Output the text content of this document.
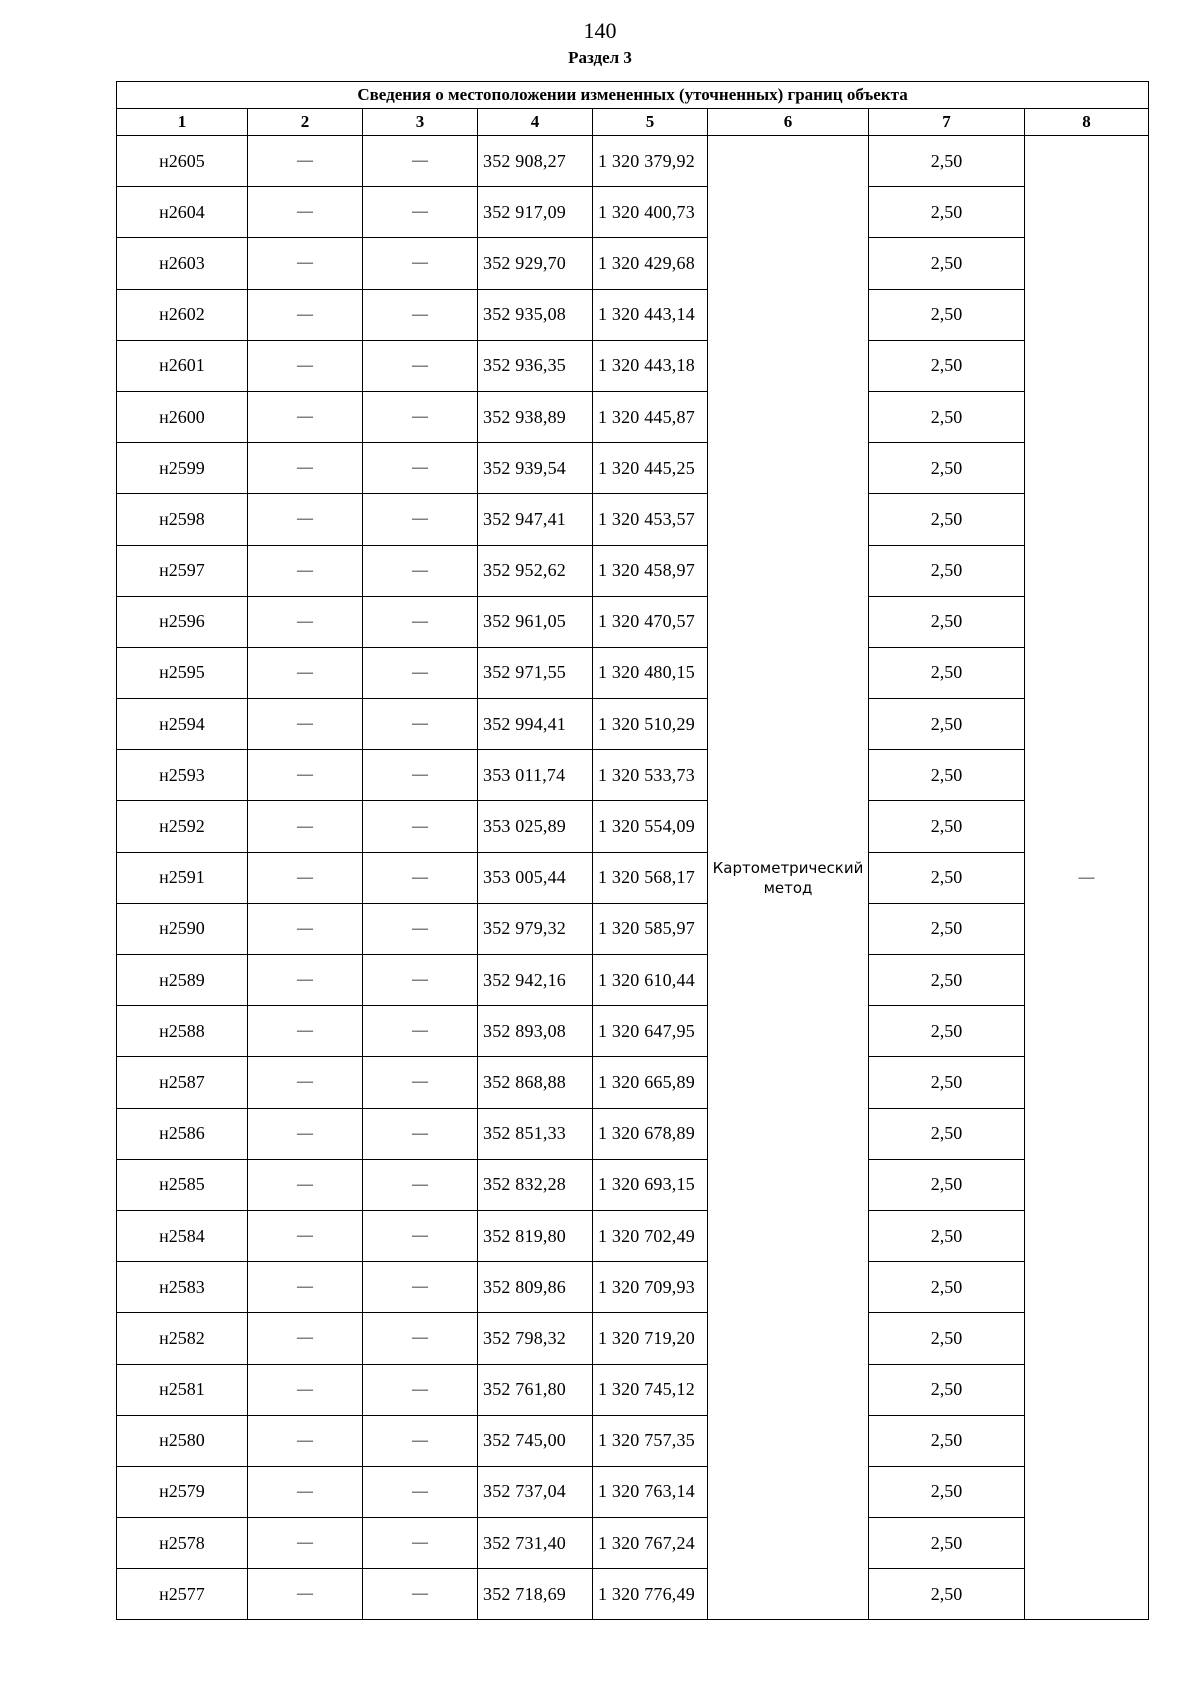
140
Раздел 3
Сведения о местоположении измененных (уточненных) границ объекта							
1	2	3	4	5	6	7	8
н2605	—	—	352 908,27	1 320 379,92	Картометрический метод	2,50	—
н2604	—	—	352 917,09	1 320 400,73		2,50	
н2603	—	—	352 929,70	1 320 429,68		2,50	
н2602	—	—	352 935,08	1 320 443,14		2,50	
н2601	—	—	352 936,35	1 320 443,18		2,50	
н2600	—	—	352 938,89	1 320 445,87		2,50	
н2599	—	—	352 939,54	1 320 445,25		2,50	
н2598	—	—	352 947,41	1 320 453,57		2,50	
н2597	—	—	352 952,62	1 320 458,97		2,50	
н2596	—	—	352 961,05	1 320 470,57		2,50	
н2595	—	—	352 971,55	1 320 480,15		2,50	
н2594	—	—	352 994,41	1 320 510,29		2,50	
н2593	—	—	353 011,74	1 320 533,73		2,50	
н2592	—	—	353 025,89	1 320 554,09		2,50	
н2591	—	—	353 005,44	1 320 568,17		2,50	
н2590	—	—	352 979,32	1 320 585,97		2,50	
н2589	—	—	352 942,16	1 320 610,44		2,50	
н2588	—	—	352 893,08	1 320 647,95		2,50	
н2587	—	—	352 868,88	1 320 665,89		2,50	
н2586	—	—	352 851,33	1 320 678,89		2,50	
н2585	—	—	352 832,28	1 320 693,15		2,50	
н2584	—	—	352 819,80	1 320 702,49		2,50	
н2583	—	—	352 809,86	1 320 709,93		2,50	
н2582	—	—	352 798,32	1 320 719,20		2,50	
н2581	—	—	352 761,80	1 320 745,12		2,50	
н2580	—	—	352 745,00	1 320 757,35		2,50	
н2579	—	—	352 737,04	1 320 763,14		2,50	
н2578	—	—	352 731,40	1 320 767,24		2,50	
н2577	—	—	352 718,69	1 320 776,49		2,50	
